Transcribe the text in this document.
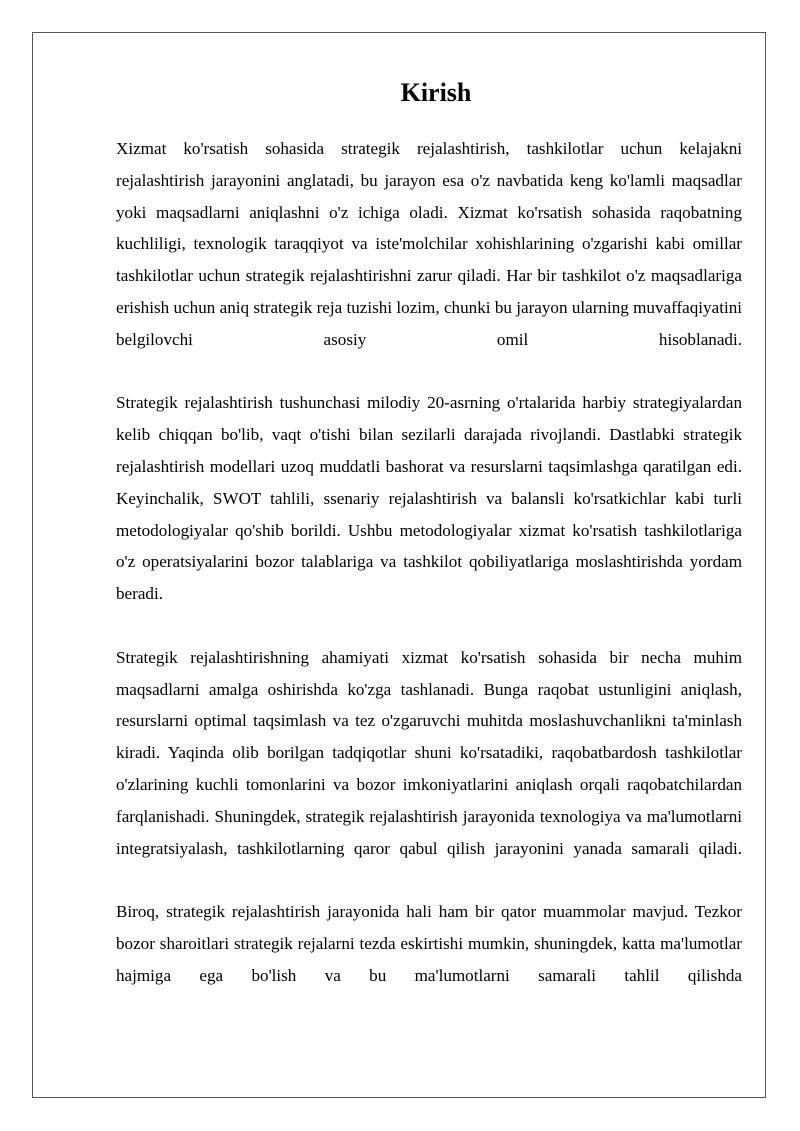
Kirish

Xizmat ko'rsatish sohasida strategik rejalashtirish, tashkilotlar uchun kelajakni rejalashtirish jarayonini anglatadi, bu jarayon esa o'z navbatida keng ko'lamli maqsadlar yoki maqsadlarni aniqlashni o'z ichiga oladi. Xizmat ko'rsatish sohasida raqobatning kuchliligi, texnologik taraqqiyot va iste'molchilar xohishlarining o'zgarishi kabi omillar tashkilotlar uchun strategik rejalashtirishni zarur qiladi. Har bir tashkilot o'z maqsadlariga erishish uchun aniq strategik reja tuzishi lozim, chunki bu jarayon ularning muvaffaqiyatini belgilovchi asosiy omil hisoblanadi.

Strategik rejalashtirish tushunchasi milodiy 20-asrning o'rtalarida harbiy strategiyalardan kelib chiqqan bo'lib, vaqt o'tishi bilan sezilarli darajada rivojlandi. Dastlabki strategik rejalashtirish modellari uzoq muddatli bashorat va resurslarni taqsimlashga qaratilgan edi. Keyinchalik, SWOT tahlili, ssenariy rejalashtirish va balansli ko'rsatkichlar kabi turli metodologiyalar qo'shib borildi. Ushbu metodologiyalar xizmat ko'rsatish tashkilotlariga o'z operatsiyalarini bozor talablariga va tashkilot qobiliyatlariga moslashtirishda yordam beradi.

Strategik rejalashtirishning ahamiyati xizmat ko'rsatish sohasida bir necha muhim maqsadlarni amalga oshirishda ko'zga tashlanadi. Bunga raqobat ustunligini aniqlash, resurslarni optimal taqsimlash va tez o'zgaruvchi muhitda moslashuvchanlikni ta'minlash kiradi. Yaqinda olib borilgan tadqiqotlar shuni ko'rsatadiki, raqobatbardosh tashkilotlar o'zlarining kuchli tomonlarini va bozor imkoniyatlarini aniqlash orqali raqobatchilardan farqlanishadi. Shuningdek, strategik rejalashtirish jarayonida texnologiya va ma'lumotlarni integratsiyalash, tashkilotlarning qaror qabul qilish jarayonini yanada samarali qiladi.

Biroq, strategik rejalashtirish jarayonida hali ham bir qator muammolar mavjud. Tezkor bozor sharoitlari strategik rejalarni tezda eskirtishi mumkin, shuningdek, katta ma'lumotlar hajmiga ega bo'lish va bu ma'lumotlarni samarali tahlil qilishda
